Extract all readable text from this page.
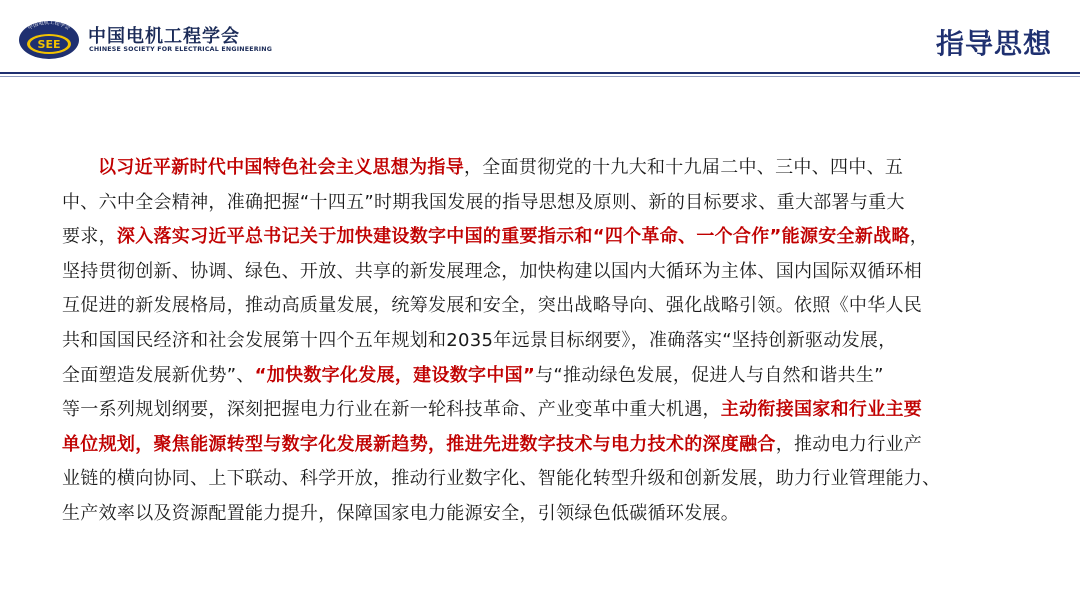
中国电机工程学会
SEE 中国电机工程学会
CHINESE SOCIETY FOR ELECTRICAL ENGINEERING	指导思想
以习近平新时代中国特色社会主义思想为指导，全面贯彻党的十九大和十九届二中、三中、四中、五
中、六中全会精神，准确把握“十四五”时期我国发展的指导思想及原则、新的目标要求、重大部署与重大
要求，深入落实习近平总书记关于加快建设数字中国的重要指示和“四个革命、一个合作”能源安全新战略，
坚持贯彻创新、协调、绿色、开放、共享的新发展理念，加快构建以国内大循环为主体、国内国际双循环相
互促进的新发展格局，推动高质量发展，统筹发展和安全，突出战略导向、强化战略引领。依照《中华人民
共和国国民经济和社会发展第十四个五年规划和2035年远景目标纲要》，准确落实“坚持创新驱动发展，
全面塑造发展新优势”、“加快数字化发展，建设数字中国”与“推动绿色发展，促进人与自然和谐共生”
等一系列规划纲要，深刻把握电力行业在新一轮科技革命、产业变革中重大机遇，主动衔接国家和行业主要
单位规划，聚焦能源转型与数字化发展新趋势，推进先进数字技术与电力技术的深度融合，推动电力行业产
业链的横向协同、上下联动、科学开放，推动行业数字化、智能化转型升级和创新发展，助力行业管理能力、
生产效率以及资源配置能力提升，保障国家电力能源安全，引领绿色低碳循环发展。
